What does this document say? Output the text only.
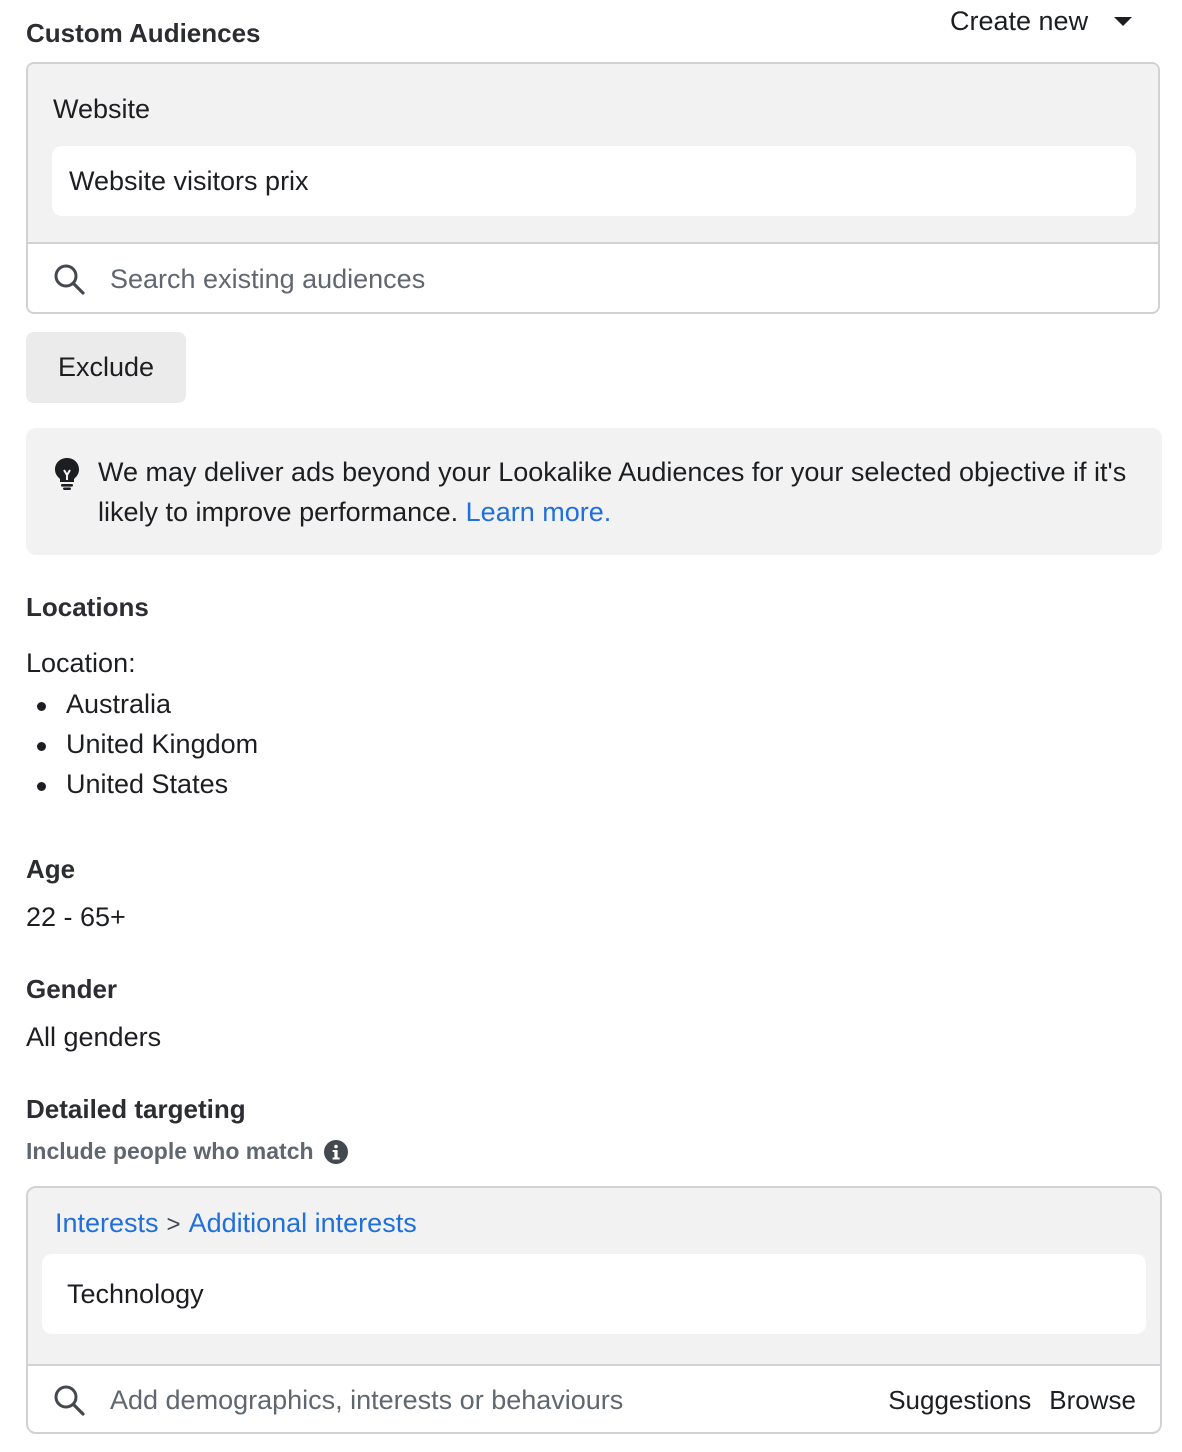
Custom Audiences	Create new
Website
Website visitors prix
Search existing audiences
Exclude
We may deliver ads beyond your Lookalike Audiences for your selected objective if it's likely to improve performance. Learn more.
Locations
Location:
Australia
United Kingdom
United States
Age
22 - 65+
Gender
All genders
Detailed targeting
Include people who match
Interests > Additional interests
Technology
Add demographics, interests or behaviours
Suggestions Browse
